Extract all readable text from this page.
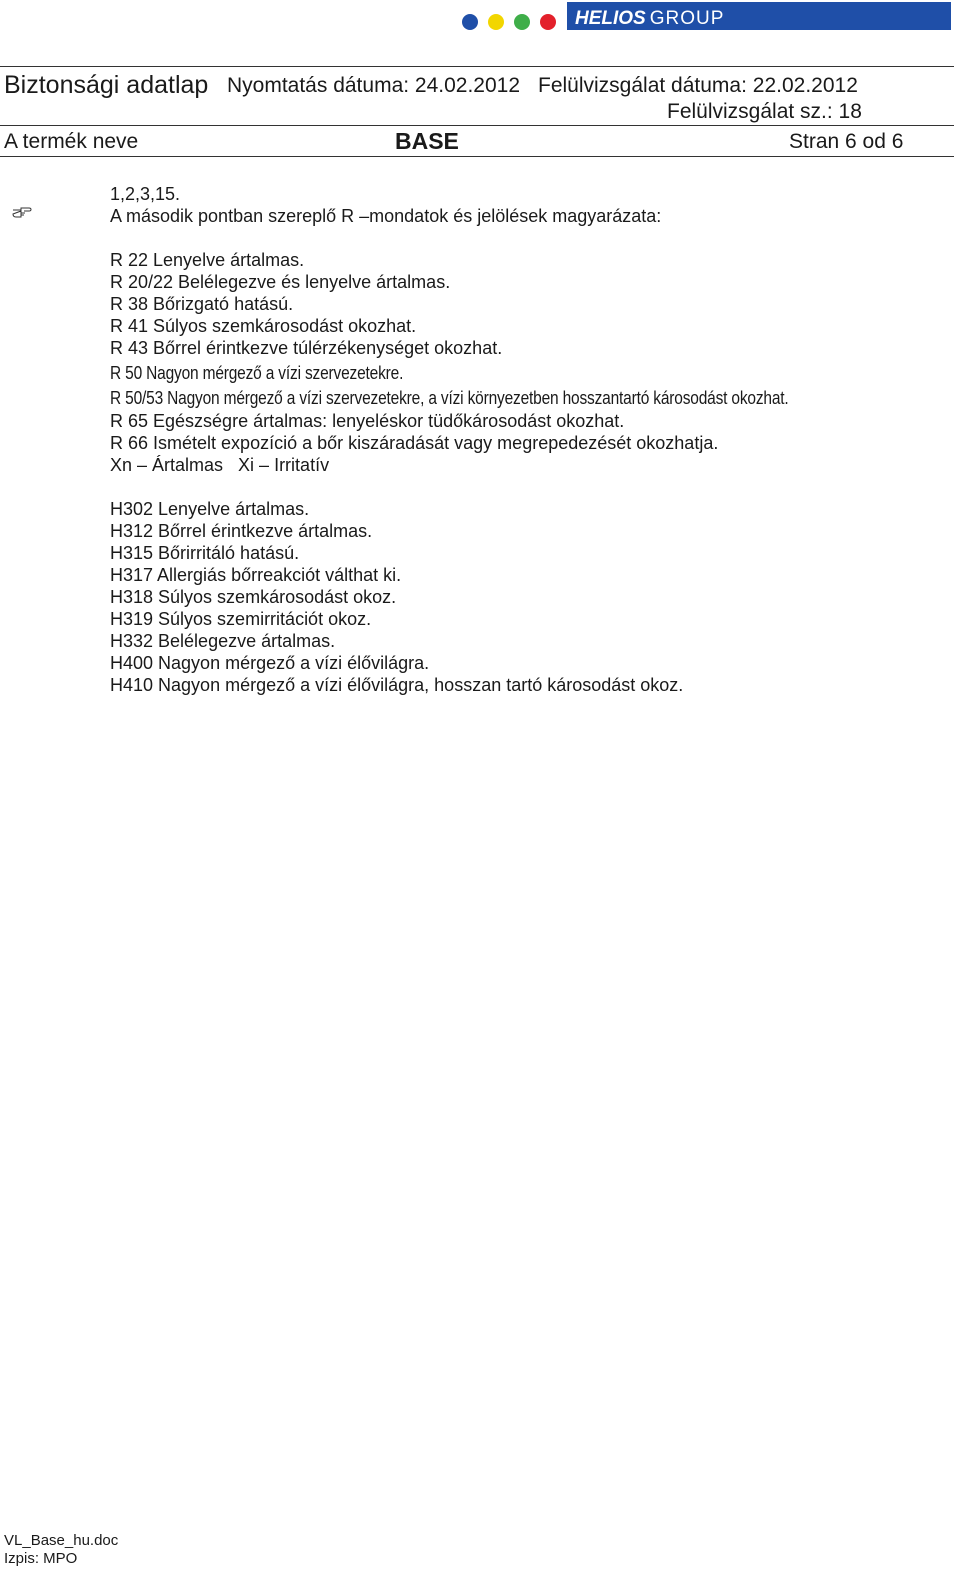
HELIOS GROUP
Biztonsági adatlap Nyomtatás dátuma: 24.02.2012 Felülvizsgálat dátuma: 22.02.2012
Felülvizsgálat sz.: 18
A termék neve	BASE	Stran 6 od 6
1,2,3,15.
A második pontban szereplő R –mondatok és jelölések magyarázata:
R 22 Lenyelve ártalmas.
R 20/22 Belélegezve és lenyelve ártalmas.
R 38 Bőrizgató hatású.
R 41 Súlyos szemkárosodást okozhat.
R 43 Bőrrel érintkezve túlérzékenységet okozhat.
R 50 Nagyon mérgező a vízi szervezetekre.
R 50/53 Nagyon mérgező a vízi szervezetekre, a vízi környezetben hosszantartó károsodást okozhat.
R 65 Egészségre ártalmas: lenyeléskor tüdőkárosodást okozhat.
R 66 Ismételt expozíció a bőr kiszáradását vagy megrepedezését okozhatja.
Xn – Ártalmas   Xi – Irritatív
H302 Lenyelve ártalmas.
H312 Bőrrel érintkezve ártalmas.
H315 Bőrirritáló hatású.
H317 Allergiás bőrreakciót válthat ki.
H318 Súlyos szemkárosodást okoz.
H319 Súlyos szemirritációt okoz.
H332 Belélegezve ártalmas.
H400 Nagyon mérgező a vízi élővilágra.
H410 Nagyon mérgező a vízi élővilágra, hosszan tartó károsodást okoz.
VL_Base_hu.doc
Izpis: MPO
